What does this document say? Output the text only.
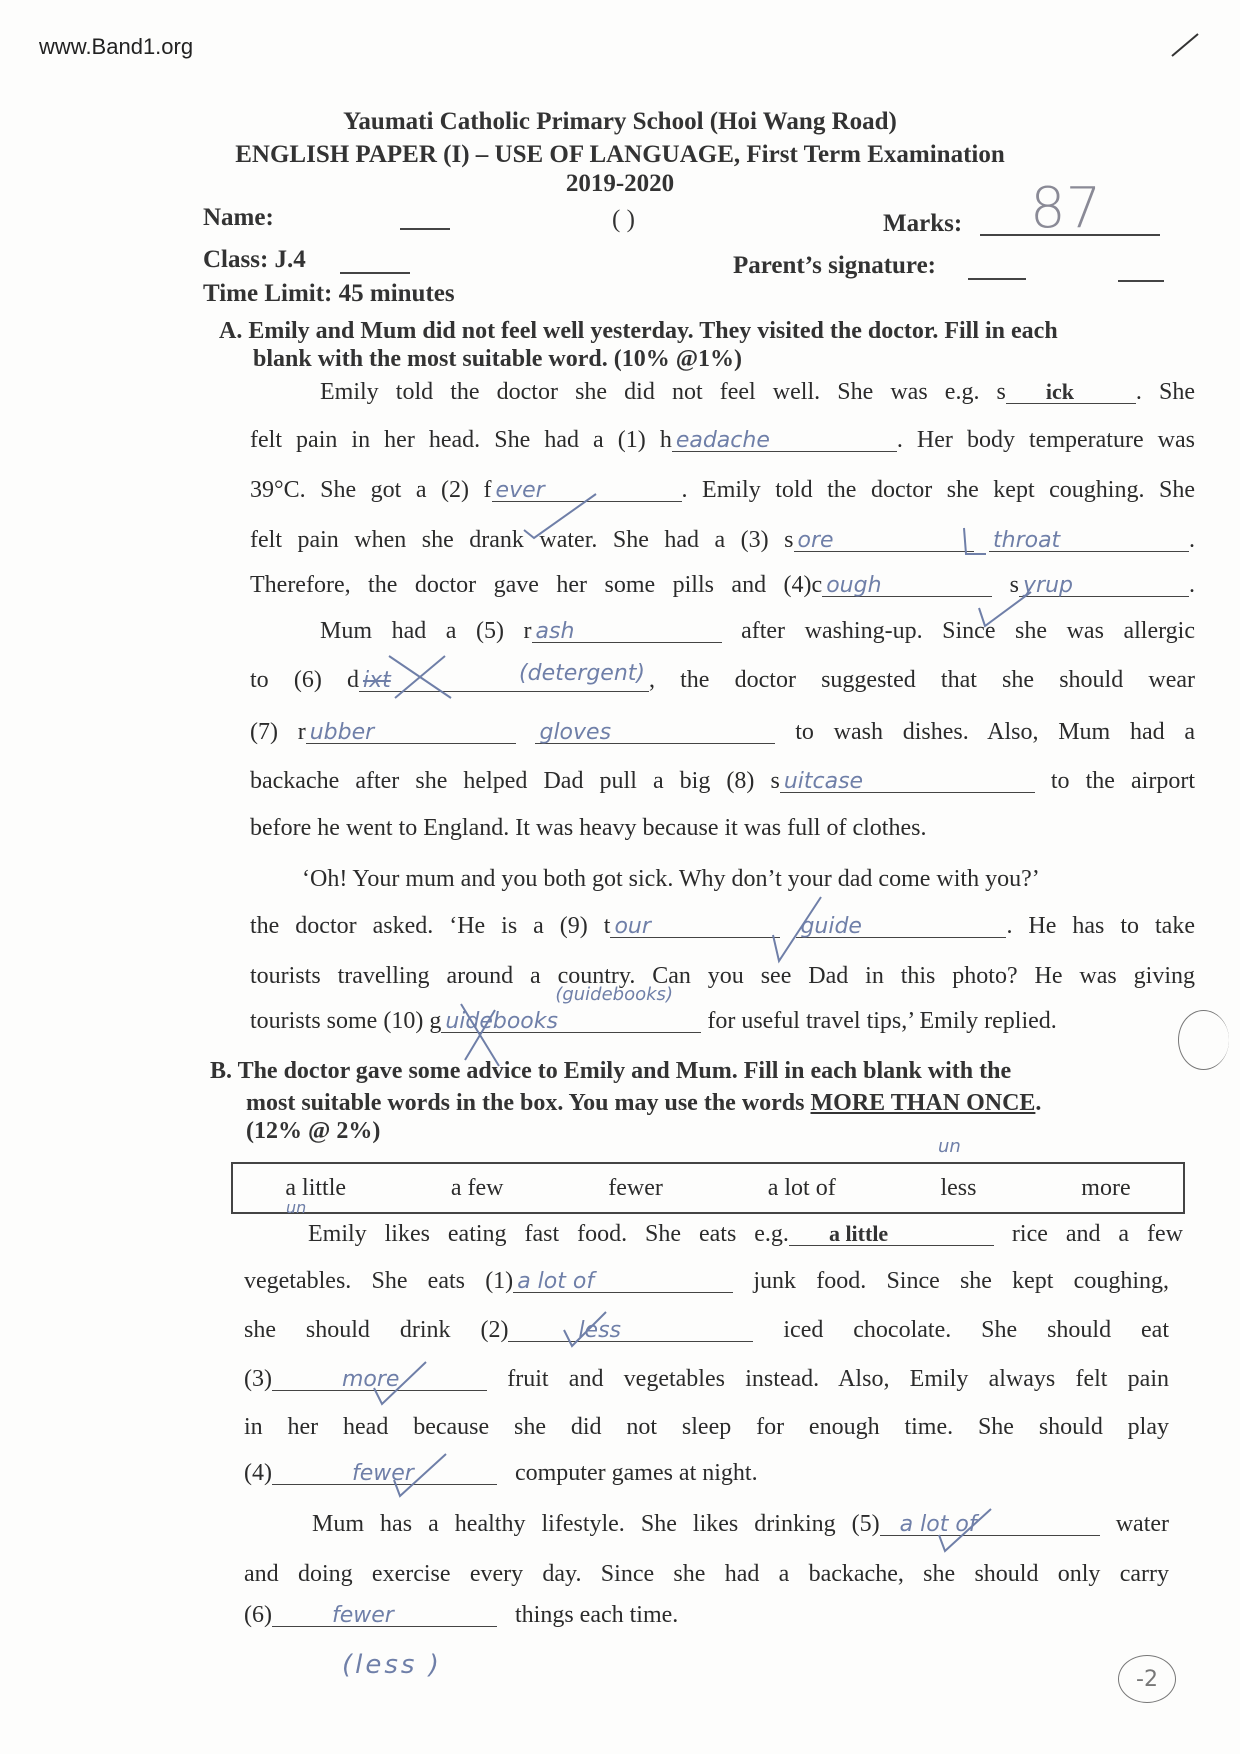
www.Band1.org
Yaumati Catholic Primary School (Hoi Wang Road)
ENGLISH PAPER (I) – USE OF LANGUAGE, First Term Examination
2019-2020
Name:	( )	Marks: 87
Class: J.4	Parent’s signature:
Time Limit: 45 minutes
A. Emily and Mum did not feel well yesterday. They visited the doctor. Fill in each
blank with the most suitable word. (10% @1%)
Emily told the doctor she did not feel well. She was e.g. s ick	. She
felt pain in her head. She had a (1) h eadache	. Her body temperature was
39°C. She got a (2) f ever	. Emily told the doctor she kept coughing. She
felt pain when she drank water. She had a (3) s ore	throat	.
Therefore, the doctor gave her some pills and (4)c ough	s yrup	.
Mum had a (5) r ash	after washing-up. Since she was allergic
to (6) d ixt	(detergent) , the doctor suggested that she should wear
(7) r ubber	gloves	to wash dishes. Also, Mum had a
backache after she helped Dad pull a big (8) s uitcase	to the airport
before he went to England. It was heavy because it was full of clothes.
‘Oh! Your mum and you both got sick. Why don’t your dad come with you?’
the doctor asked. ‘He is a (9) t our	guide	. He has to take
tourists travelling around a country. Can you see Dad in this photo? He was giving
tourists some (10) g uidebooks
(guidebooks)
for useful travel tips,’ Emily replied.
B. The doctor gave some advice to Emily and Mum. Fill in each blank with the
most suitable words in the box. You may use the words MORE THAN ONCE.
(12% @ 2%)
un
a little	a few	fewer	a lot of	less	more
un
Emily likes eating fast food. She eats e.g. a little	rice and a few
vegetables. She eats (1) a lot of	junk food. Since she kept coughing,
she should drink (2)	less	iced chocolate. She should eat
(3)	more	fruit and vegetables instead. Also, Emily always felt pain
in her head because she did not sleep for enough time. She should play
(4)	fewer	computer games at night.
Mum has a healthy lifestyle. She likes drinking (5) a lot of	water
and doing exercise every day. Since she had a backache, she should only carry
(6)	fewer	things each time.
(less )	-2
